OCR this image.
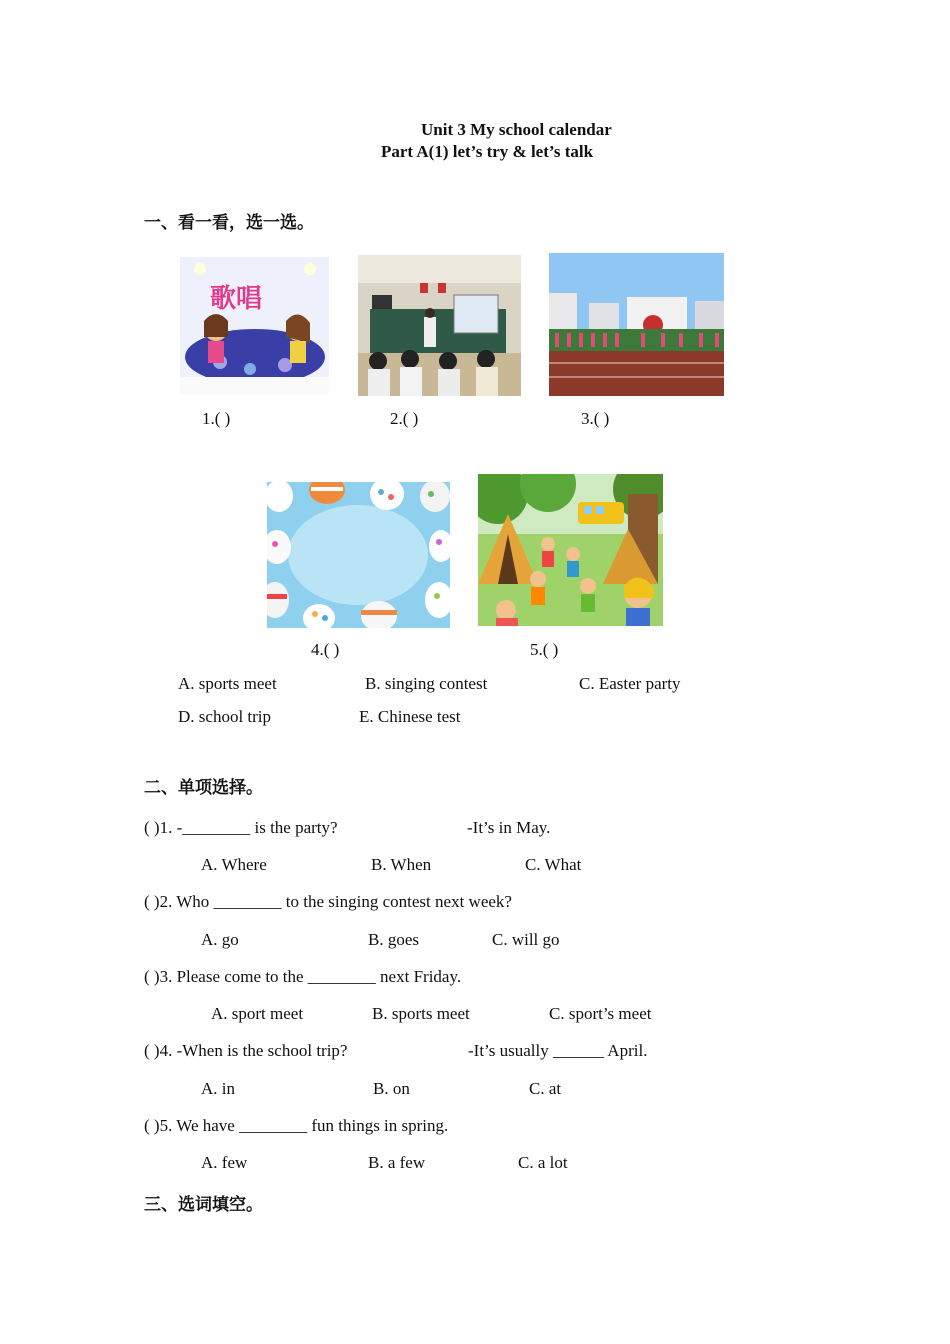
Unit 3 My school calendar
Part A(1) let’s try & let’s talk
一、看一看，选一选。
歌唱
1.( )	2.( )	3.( )
4.( )	5.( )
A. sports meet	B. singing contest	C. Easter party
D. school trip	E. Chinese test
二、单项选择。
( )1. -________ is the party?	-It’s in May.
A. Where	B. When	C. What
( )2. Who ________ to the singing contest next week?
A. go	B. goes	C. will go
( )3. Please come to the ________ next Friday.
A. sport meet	B. sports meet	C. sport’s meet
( )4. -When is the school trip?	-It’s usually ______ April.
A. in	B. on	C. at
( )5. We have ________ fun things in spring.
A. few	B. a few	C. a lot
三、选词填空。
